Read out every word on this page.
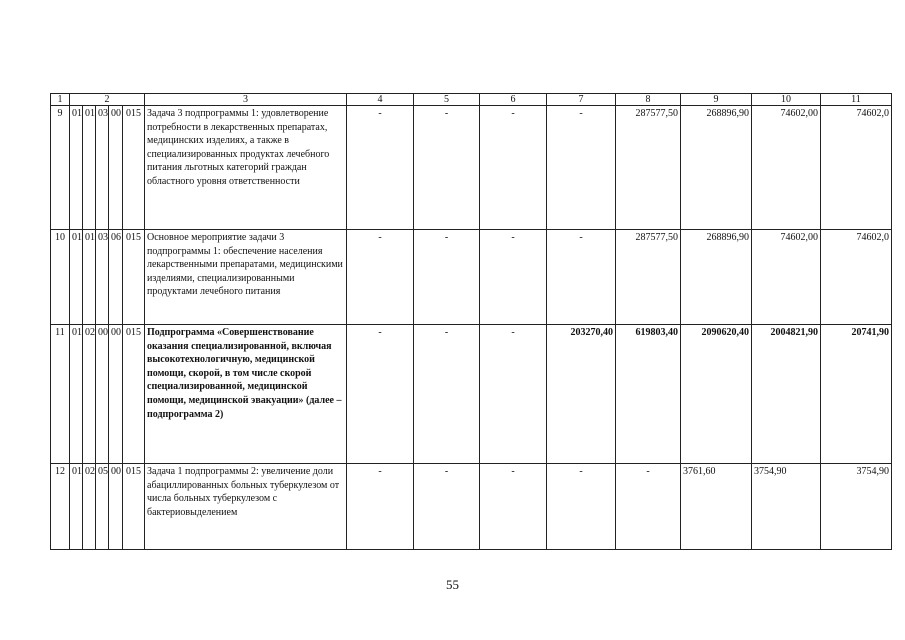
1	2					3	4	5	6	7	8	9	10	11
9	01	01	03	00	015	Задача 3 подпрограммы 1: удовлетворение потребности в лекарственных препаратах, медицинских изделиях, а также в специализированных продуктах лечебного питания льготных категорий граждан областного уровня ответственности	-	-	-	-	287577,50	268896,90	74602,00	74602,0
10	01	01	03	06	015	Основное мероприятие задачи 3 подпрограммы 1: обеспечение населения лекарственными препаратами, медицинскими изделиями, специализированными продуктами лечебного питания	-	-	-	-	287577,50	268896,90	74602,00	74602,0
11	01	02	00	00	015	Подпрограмма «Совершенствование оказания специализированной, включая высокотехнологичную, медицинской помощи, скорой, в том числе скорой специализированной, медицинской помощи, медицинской эвакуации» (далее – подпрограмма 2)	-	-	-	203270,40	619803,40	2090620,40	2004821,90	20741,90
12	01	02	05	00	015	Задача 1 подпрограммы 2: увеличение доли абациллированных больных туберкулезом от числа больных туберкулезом с бактериовыделением	-	-	-	-	-	3761,60	3754,90	3754,90
55
